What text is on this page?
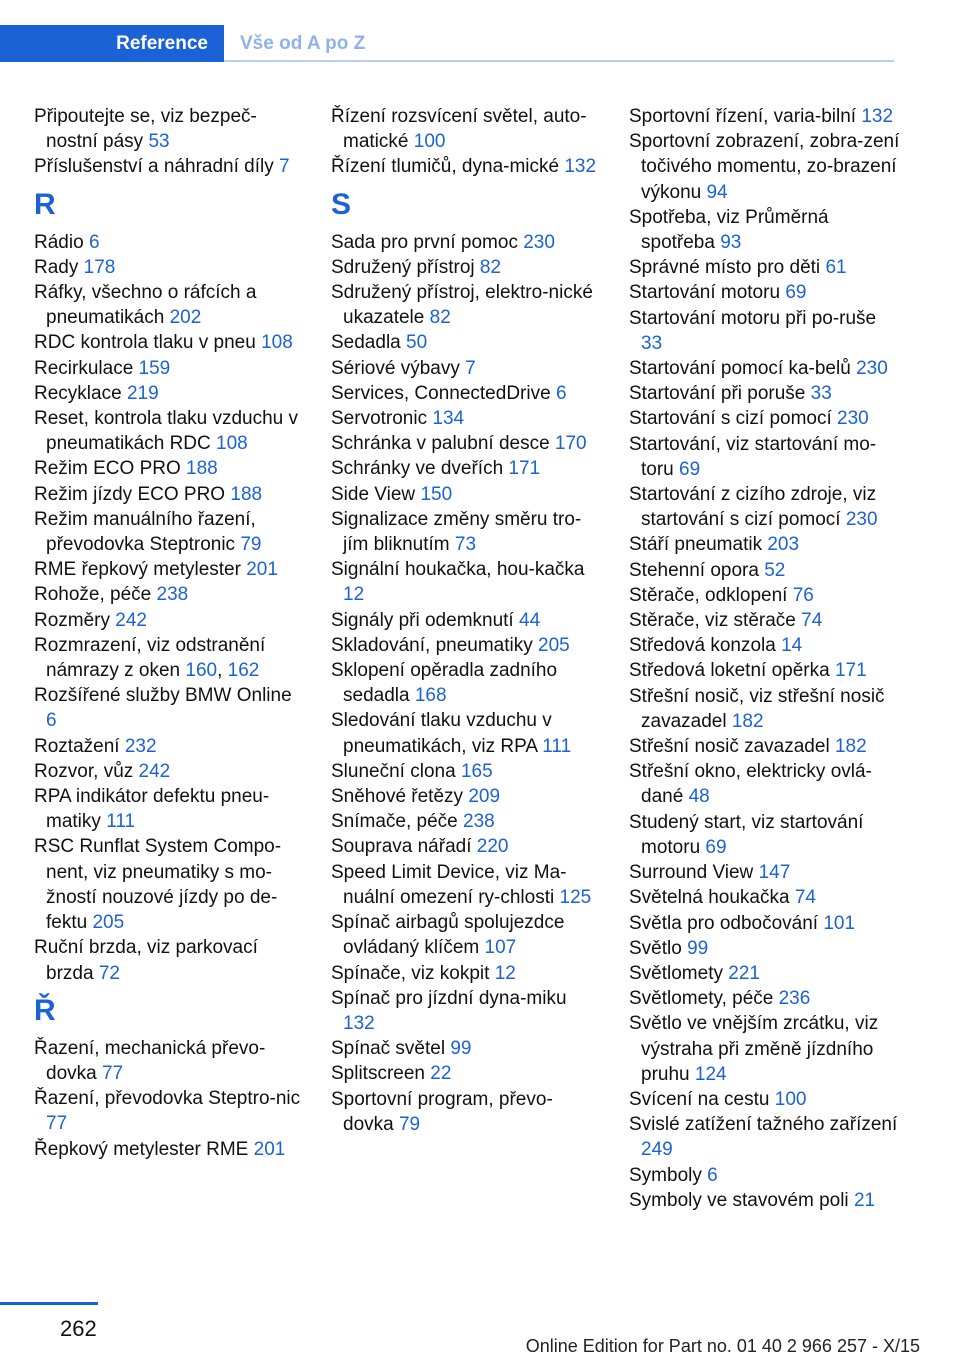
Reference Vše od A po Z
Připoutejte se, viz bezpeč-nostní pásy 53
Příslušenství a náhradní díly 7
R
Rádio 6
Rady 178
Ráfky, všechno o ráfcích a pneumatikách 202
RDC kontrola tlaku v pneu 108
Recirkulace 159
Recyklace 219
Reset, kontrola tlaku vzduchu v pneumatikách RDC 108
Režim ECO PRO 188
Režim jízdy ECO PRO 188
Režim manuálního řazení, převodovka Steptronic 79
RME řepkový metylester 201
Rohože, péče 238
Rozměry 242
Rozmrazení, viz odstranění námrazy z oken 160, 162
Rozšířené služby BMW Online 6
Roztažení 232
Rozvor, vůz 242
RPA indikátor defektu pneu-matiky 111
RSC Runflat System Compo-nent, viz pneumatiky s mo-žností nouzové jízdy po de-fektu 205
Ruční brzda, viz parkovací brzda 72
Ř
Řazení, mechanická převo-dovka 77
Řazení, převodovka Steptro-nic 77
Řepkový metylester RME 201
Řízení rozsvícení světel, auto-matické 100
Řízení tlumičů, dyna-mické 132
S
Sada pro první pomoc 230
Sdružený přístroj 82
Sdružený přístroj, elektro-nické ukazatele 82
Sedadla 50
Sériové výbavy 7
Services, ConnectedDrive 6
Servotronic 134
Schránka v palubní desce 170
Schránky ve dveřích 171
Side View 150
Signalizace změny směru tro-jím bliknutím 73
Signální houkačka, hou-kačka 12
Signály při odemknutí 44
Skladování, pneumatiky 205
Sklopení opěradla zadního sedadla 168
Sledování tlaku vzduchu v pneumatikách, viz RPA 111
Sluneční clona 165
Sněhové řetězy 209
Snímače, péče 238
Souprava nářadí 220
Speed Limit Device, viz Ma-nuální omezení ry-chlosti 125
Spínač airbagů spolujezdce ovládaný klíčem 107
Spínače, viz kokpit 12
Spínač pro jízdní dyna-miku 132
Spínač světel 99
Splitscreen 22
Sportovní program, převo-dovka 79
Sportovní řízení, varia-bilní 132
Sportovní zobrazení, zobra-zení točivého momentu, zo-brazení výkonu 94
Spotřeba, viz Průměrná spotřeba 93
Správné místo pro děti 61
Startování motoru 69
Startování motoru při po-ruše 33
Startování pomocí ka-belů 230
Startování při poruše 33
Startování s cizí pomocí 230
Startování, viz startování mo-toru 69
Startování z cizího zdroje, viz startování s cizí pomocí 230
Stáří pneumatik 203
Stehenní opora 52
Stěrače, odklopení 76
Stěrače, viz stěrače 74
Středová konzola 14
Středová loketní opěrka 171
Střešní nosič, viz střešní nosič zavazadel 182
Střešní nosič zavazadel 182
Střešní okno, elektricky ovlá-dané 48
Studený start, viz startování motoru 69
Surround View 147
Světelná houkačka 74
Světla pro odbočování 101
Světlo 99
Světlomety 221
Světlomety, péče 236
Světlo ve vnějším zrcátku, viz výstraha při změně jízdního pruhu 124
Svícení na cestu 100
Svislé zatížení tažného zařízení 249
Symboly 6
Symboly ve stavovém poli 21
262
Online Edition for Part no. 01 40 2 966 257 - X/15
